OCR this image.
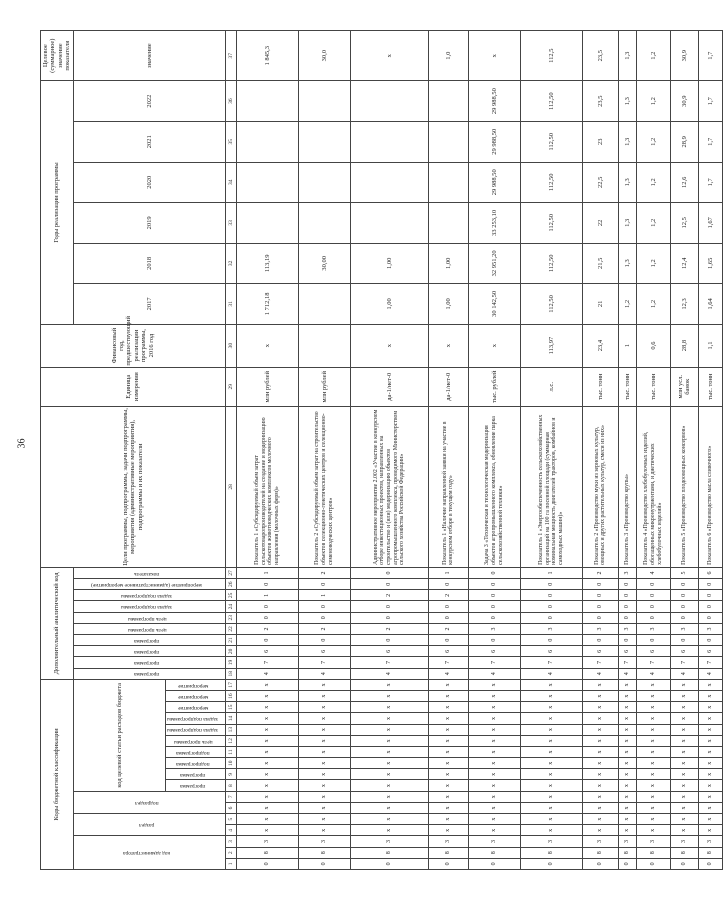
36
Коды бюджетной классификации																	Дополнительный аналитический код										Цели программы, подпрограммы, задачи подпрограммы, мероприятия (административные мероприятия), подпрограммы и их показатели	Единица измерения	Финансовый год, предшествующий реализации программы, 2016 год	Годы реализации программы						Целевое (суммарное) значение показателя
код администратора			раздел		подраздел		код целевой статьи расходов бюджета										программа	программа	программа	программа	цель программы	цель программы	задача подпрограммы	задача подпрограммы	мероприятие (административное мероприятие)	показатель				2017	2018	2019	2020	2021	2022	значение
							программа	программа	подпрограмма	подпрограмма	цель программы	задача подпрограммы	задача подпрограммы	мероприятие	мероприятие	мероприятие																				
1	2	3	4	5	6	7	8	9	10	11	12	13	14	15	16	17	18	19	20	21	22	23	24	25	26	27	28	29	30	31	32	33	34	35	36	37
0	8	3	х	х	х	х	х	х	х	х	х	х	х	х	х	х	4	7	6	0	2	0	0	1	0	1	Показатель 1 «Субсидируемый объем затрат сельскотоваропроизводителей на создание и модернизацию объектов животноводческих комплексов молочного направления (молочных ферм)»	млн рублей	х	1 712,18	113,19					1 845,3
0	8	3	х	х	х	х	х	х	х	х	х	х	х	х	х	х	4	7	6	0	2	0	0	1	0	2	Показатель 2 «Субсидируемый объем затрат на строительство объектов селекционно-генетических центров и селекционно-семеноводческих центров»	млн рублей			30,00					30,0
0	8	3	х	х	х	х	х	х	х	х	х	х	х	х	х	х	4	7	6	0	2	0	0	2	0	0	Административное мероприятие 2.002 «Участие в конкурсном отборе инвестиционных проектов, направленных на строительство и (или) модернизацию объектов агропромышленного комплекса, проводимого Министерством сельского хозяйства Российской Федерации»	да-1/нет-0	х	1,00	1,00					х
0	8	3	х	х	х	х	х	х	х	х	х	х	х	х	х	х	4	7	6	0	2	0	0	2	0	1	Показатель 1 «Наличие направленной заявки на участие в конкурсном отборе в текущем году»	да-1/нет-0	х	1,00	1,00					1,0
0	8	3	х	х	х	х	х	х	х	х	х	х	х	х	х	х	4	7	6	0	3	0	0	0	0	0	Задача 3 «Техническая и технологическая модернизация объектов агропромышленного комплекса, обновление парка сельскохозяйственной техники»	тыс. рублей	х	30 142,50	32 951,20	33 253,10	29 988,50	29 988,50	29 988,50	х
0	8	3	х	х	х	х	х	х	х	х	х	х	х	х	х	х	4	7	6	0	3	0	0	0	0	1	Показатель 1 «Энергообеспеченность сельскохозяйственных организаций на 100 га посевной площади (суммарная номинальная мощность двигателей тракторов, комбайнов и самоходных машин)»	л.с.	113,97	112,50	112,50	112,50	112,50	112,50	112,50	112,5
0	8	3	х	х	х	х	х	х	х	х	х	х	х	х	х	х	4	7	6	0	3	0	0	0	0	2	Показатель 2 «Производство муки из зерновых культур, овощных и других растительных культур, смеси из них»	тыс. тонн	23,4	21	21,5	22	22,5	23	23,5	23,5
0	8	3	х	х	х	х	х	х	х	х	х	х	х	х	х	х	4	7	6	0	3	0	0	0	0	3	Показатель 3 «Производство крупы»	тыс. тонн	1	1,2	1,3	1,3	1,3	1,3	1,3	1,3
0	8	3	х	х	х	х	х	х	х	х	х	х	х	х	х	х	4	7	6	0	3	0	0	0	0	4	Показатель 4 «Производство хлебобулочных изделий, обогащенных микронутриентами, и диетических хлебобулочных изделий»	тыс. тонн	0,6	1,2	1,2	1,2	1,2	1,2	1,2	1,2
0	8	3	х	х	х	х	х	х	х	х	х	х	х	х	х	х	4	7	6	0	3	0	0	0	0	5	Показатель 5 «Производство плодоовощных консервов»	млн усл. банок	28,8	12,3	12,4	12,5	12,6	28,9	30,9	30,9
0	8	3	х	х	х	х	х	х	х	х	х	х	х	х	х	х	4	7	6	0	3	0	0	0	0	6	Показатель 6 «Производство масла сливочного»	тыс. тонн	1,1	1,64	1,65	1,67	1,7	1,7	1,7	1,7
